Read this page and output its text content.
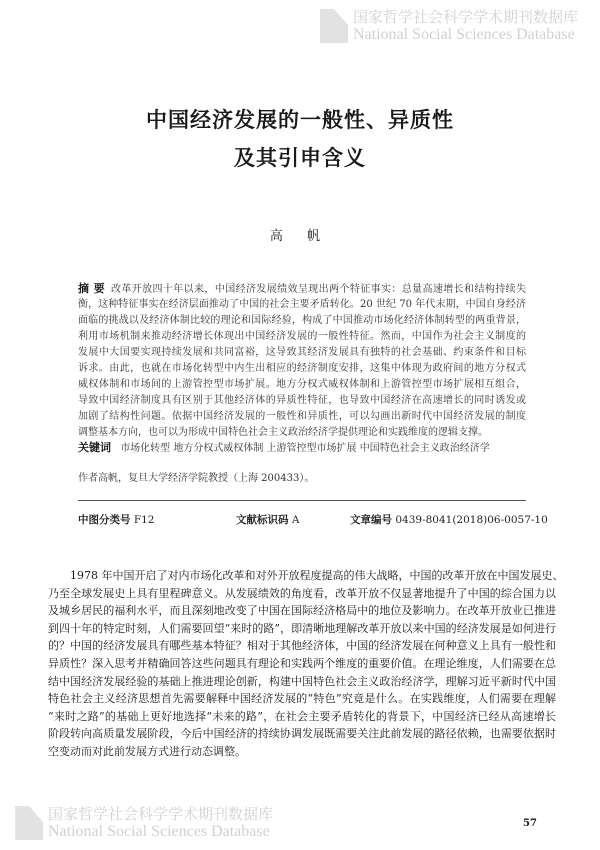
国家哲学社会科学学术期刊数据库
National Social Sciences Database
中国经济发展的一般性、异质性
及其引申含义
高 帆
摘 要 改革开放四十年以来，中国经济发展绩效呈现出两个特征事实：总量高速增长和结构持续失
衡，这种特征事实在经济层面推动了中国的社会主要矛盾转化。20 世纪 70 年代末期，中国自身经济
面临的挑战以及经济体制比较的理论和国际经验，构成了中国推动市场化经济体制转型的两重背景，
利用市场机制来推动经济增长体现出中国经济发展的一般性特征。然而，中国作为社会主义制度的
发展中大国要实现持续发展和共同富裕，这导致其经济发展具有独特的社会基础、约束条件和目标
诉求。由此，也就在市场化转型中内生出相应的经济制度安排，这集中体现为政府间的地方分权式
威权体制和市场间的上游管控型市场扩展。地方分权式威权体制和上游管控型市场扩展相互组合，
导致中国经济制度具有区别于其他经济体的异质性特征，也导致中国经济在高速增长的同时诱发或
加剧了结构性问题。依据中国经济发展的一般性和异质性，可以勾画出新时代中国经济发展的制度
调整基本方向，也可以为形成中国特色社会主义政治经济学提供理论和实践维度的逻辑支撑。
关键词 市场化转型 地方分权式威权体制 上游管控型市场扩展 中国特色社会主义政治经济学
作者高帆，复旦大学经济学院教授（上海 200433）。
中图分类号 F12	文献标识码 A	文章编号 0439-8041(2018)06-0057-10
1978 年中国开启了对内市场化改革和对外开放程度提高的伟大战略，中国的改革开放在中国发展史、
乃至全球发展史上具有里程碑意义。从发展绩效的角度看，改革开放不仅显著地提升了中国的综合国力以
及城乡居民的福利水平，而且深刻地改变了中国在国际经济格局中的地位及影响力。在改革开放业已推进
到四十年的特定时刻，人们需要回望“来时的路”，即清晰地理解改革开放以来中国的经济发展是如何进行
的？中国的经济发展具有哪些基本特征？相对于其他经济体，中国的经济发展在何种意义上具有一般性和
异质性？深入思考并精确回答这些问题具有理论和实践两个维度的重要价值。在理论维度，人们需要在总
结中国经济发展经验的基础上推进理论创新，构建中国特色社会主义政治经济学，理解习近平新时代中国
特色社会主义经济思想首先需要解释中国经济发展的“特色”究竟是什么。在实践维度，人们需要在理解
“来时之路”的基础上更好地选择“未来的路”，在社会主要矛盾转化的背景下，中国经济已经从高速增长
阶段转向高质量发展阶段，今后中国经济的持续协调发展既需要关注此前发展的路径依赖，也需要依据时
空变动而对此前发展方式进行动态调整。
国家哲学社会科学学术期刊数据库
National Social Sciences Database	57
